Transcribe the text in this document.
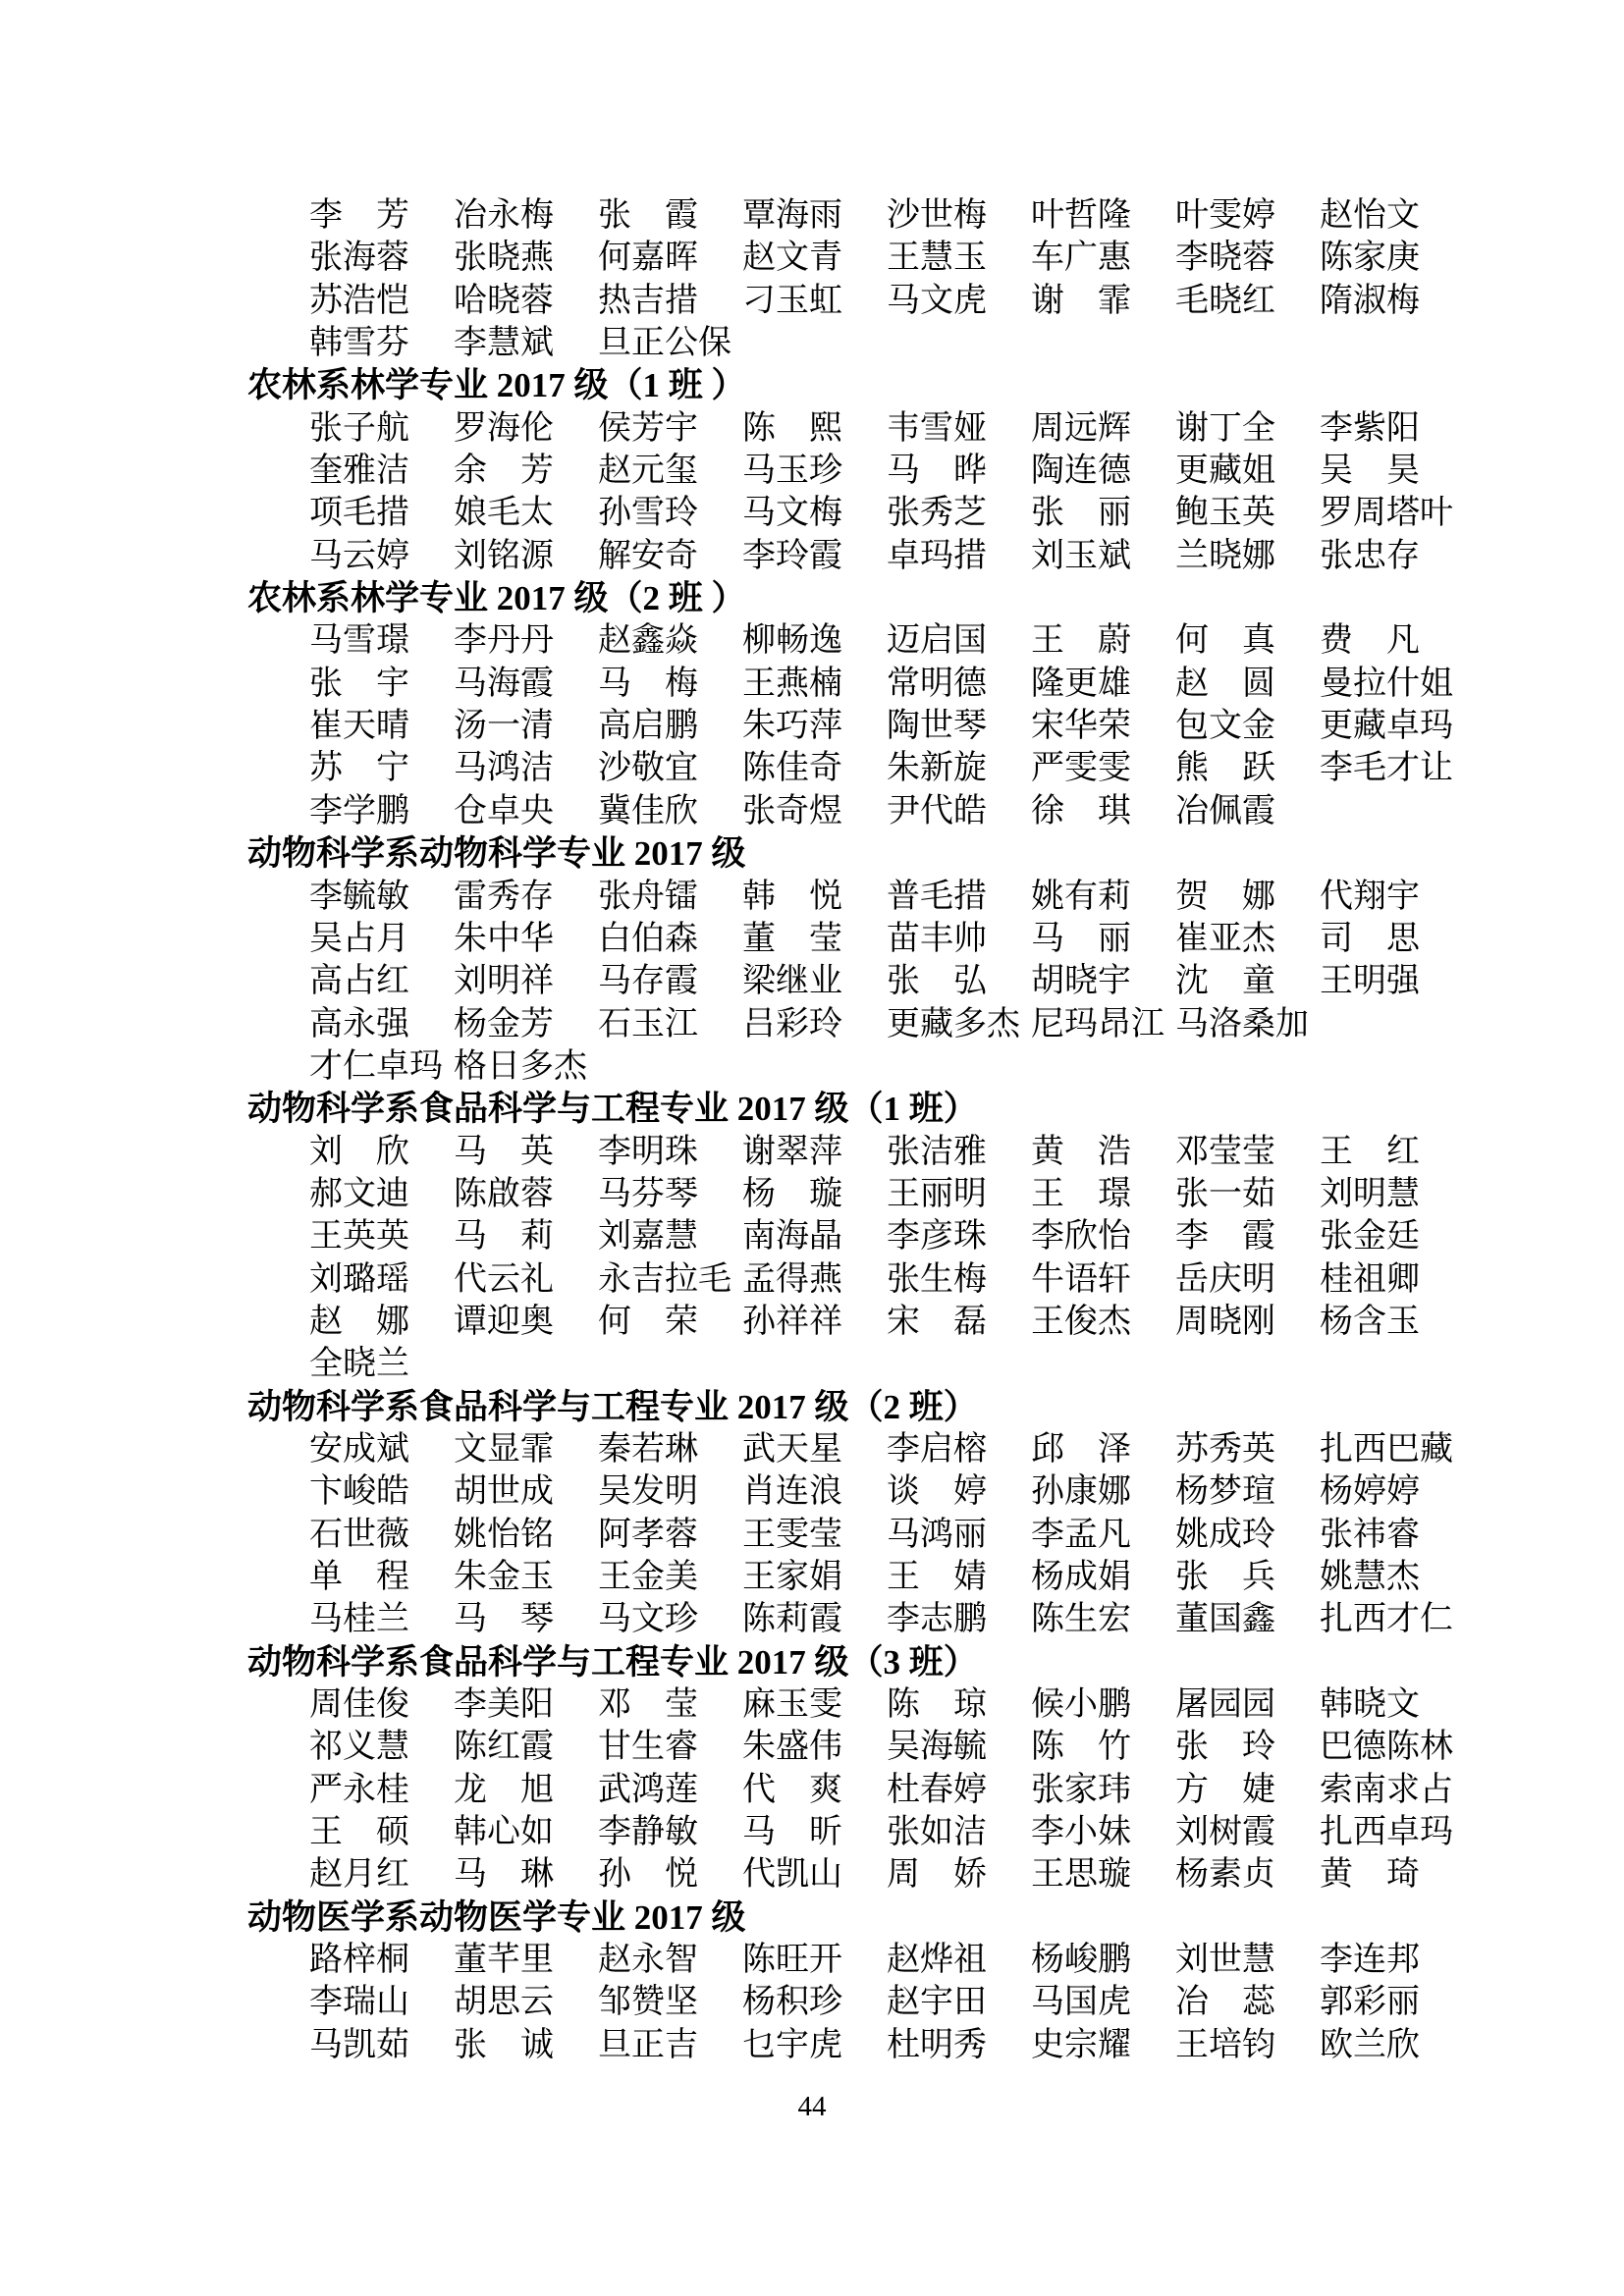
李　芳 冶永梅 张　霞 覃海雨 沙世梅 叶哲隆 叶雯婷 赵怡文
张海蓉 张晓燕 何嘉晖 赵文青 王慧玉 车广惠 李晓蓉 陈家庚
苏浩恺 哈晓蓉 热吉措 刁玉虹 马文虎 谢　霏 毛晓红 隋淑梅
韩雪芬 李慧斌 旦正公保
农林系林学专业 2017 级（1 班 ）
张子航 罗海伦 侯芳宇 陈　熙 韦雪娅 周远辉 谢丁全 李紫阳
奎雅洁 余　芳 赵元玺 马玉珍 马　晔 陶连德 更藏姐 吴　昊
项毛措 娘毛太 孙雪玲 马文梅 张秀芝 张　丽 鲍玉英 罗周塔叶
马云婷 刘铭源 解安奇 李玲霞 卓玛措 刘玉斌 兰晓娜 张忠存
农林系林学专业 2017 级（2 班 ）
马雪璟 李丹丹 赵鑫焱 柳畅逸 迈启国 王　蔚 何　真 费　凡
张　宇 马海霞 马　梅 王燕楠 常明德 隆更雄 赵　圆 曼拉什姐
崔天晴 汤一清 高启鹏 朱巧萍 陶世琴 宋华荣 包文金 更藏卓玛
苏　宁 马鸿洁 沙敬宜 陈佳奇 朱新旋 严雯雯 熊　跃 李毛才让
李学鹏 仓卓央 冀佳欣 张奇煜 尹代皓 徐　琪 冶佩霞
动物科学系动物科学专业 2017 级
李毓敏 雷秀存 张舟镭 韩　悦 普毛措 姚有莉 贺　娜 代翔宇
吴占月 朱中华 白伯森 董　莹 苗丰帅 马　丽 崔亚杰 司　思
高占红 刘明祥 马存霞 梁继业 张　弘 胡晓宇 沈　童 王明强
高永强 杨金芳 石玉江 吕彩玲 更藏多杰 尼玛昂江 马洛桑加
才仁卓玛 格日多杰
动物科学系食品科学与工程专业 2017 级（1 班）
刘　欣 马　英 李明珠 谢翠萍 张洁雅 黄　浩 邓莹莹 王　红
郝文迪 陈啟蓉 马芬琴 杨　璇 王丽明 王　璟 张一茹 刘明慧
王英英 马　莉 刘嘉慧 南海晶 李彦珠 李欣怡 李　霞 张金廷
刘璐瑶 代云礼 永吉拉毛 孟得燕 张生梅 牛语轩 岳庆明 桂祖卿
赵　娜 谭迎奥 何　荣 孙祥祥 宋　磊 王俊杰 周晓刚 杨含玉
全晓兰
动物科学系食品科学与工程专业 2017 级（2 班）
安成斌 文显霏 秦若琳 武天星 李启榕 邱　泽 苏秀英 扎西巴藏
卞峻皓 胡世成 吴发明 肖连浪 谈　婷 孙康娜 杨梦瑄 杨婷婷
石世薇 姚怡铭 阿孝蓉 王雯莹 马鸿丽 李孟凡 姚成玲 张祎睿
单　程 朱金玉 王金美 王家娟 王　婧 杨成娟 张　兵 姚慧杰
马桂兰 马　琴 马文珍 陈莉霞 李志鹏 陈生宏 董国鑫 扎西才仁
动物科学系食品科学与工程专业 2017 级（3 班）
周佳俊 李美阳 邓　莹 麻玉雯 陈　琼 候小鹏 屠园园 韩晓文
祁义慧 陈红霞 甘生睿 朱盛伟 吴海毓 陈　竹 张　玲 巴德陈林
严永桂 龙　旭 武鸿莲 代　爽 杜春婷 张家玮 方　婕 索南求占
王　硕 韩心如 李静敏 马　昕 张如洁 李小妹 刘树霞 扎西卓玛
赵月红 马　琳 孙　悦 代凯山 周　娇 王思璇 杨素贞 黄　琦
动物医学系动物医学专业 2017 级
路梓桐 董芊里 赵永智 陈旺开 赵烨祖 杨峻鹏 刘世慧 李连邦
李瑞山 胡思云 邹赞坚 杨积珍 赵宇田 马国虎 冶　蕊 郭彩丽
马凯茹 张　诚 旦正吉 乜宇虎 杜明秀 史宗耀 王培钧 欧兰欣
44
